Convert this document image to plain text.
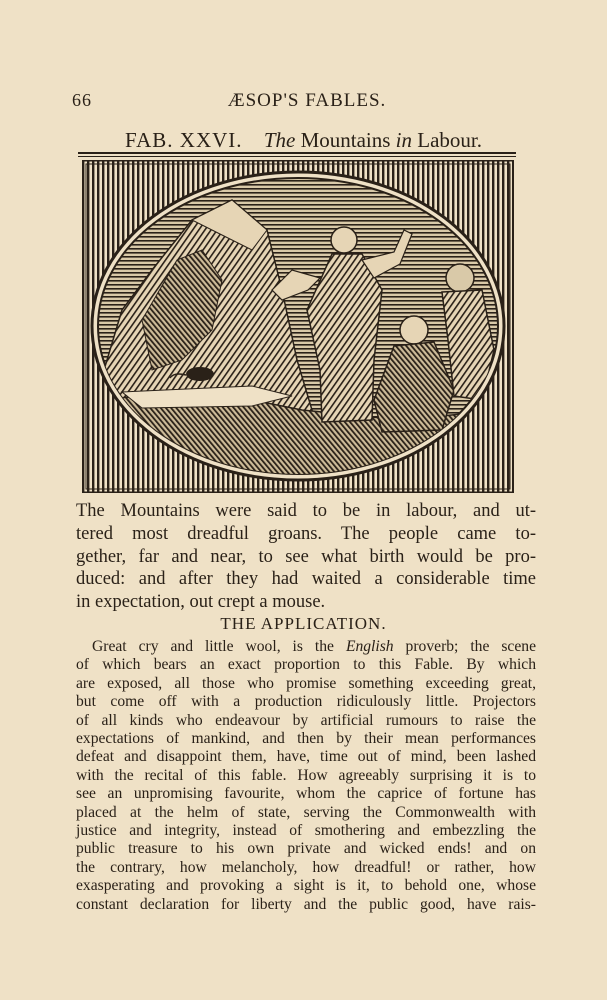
66	ÆSOP'S FABLES.
FAB. XXVI. The Mountains in Labour.
The Mountains were said to be in labour, and ut-
tered most dreadful groans. The people came to-
gether, far and near, to see what birth would be pro-
duced: and after they had waited a considerable time
in expectation, out crept a mouse.
THE APPLICATION.
Great cry and little wool, is the English proverb; the scene
of which bears an exact proportion to this Fable. By which
are exposed, all those who promise something exceeding great,
but come off with a production ridiculously little. Projectors
of all kinds who endeavour by artificial rumours to raise the
expectations of mankind, and then by their mean performances
defeat and disappoint them, have, time out of mind, been lashed
with the recital of this fable. How agreeably surprising it is to
see an unpromising favourite, whom the caprice of fortune has
placed at the helm of state, serving the Commonwealth with
justice and integrity, instead of smothering and embezzling the
public treasure to his own private and wicked ends! and on
the contrary, how melancholy, how dreadful! or rather, how
exasperating and provoking a sight is it, to behold one, whose
constant declaration for liberty and the public good, have rais-
